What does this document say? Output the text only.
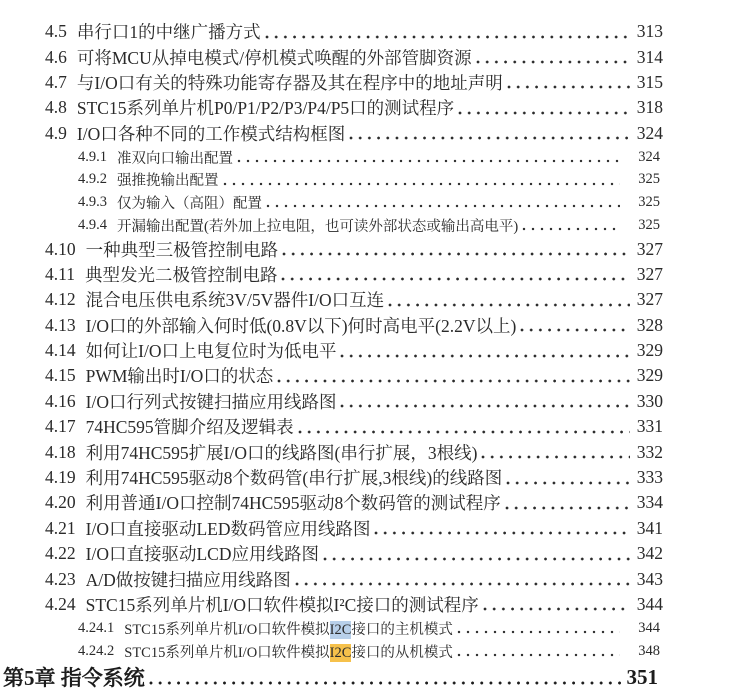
4.5 串行口1的中继广播方式	313
4.6 可将MCU从掉电模式/停机模式唤醒的外部管脚资源	314
4.7 与I/O口有关的特殊功能寄存器及其在程序中的地址声明	315
4.8 STC15系列单片机P0/P1/P2/P3/P4/P5口的测试程序	318
4.9 I/O口各种不同的工作模式结构框图	324
4.9.1 准双向口输出配置	324
4.9.2 强推挽输出配置	325
4.9.3 仅为输入（高阻）配置	325
4.9.4 开漏输出配置(若外加上拉电阻，也可读外部状态或输出高电平)	325
4.10 一种典型三极管控制电路	327
4.11 典型发光二极管控制电路	327
4.12 混合电压供电系统3V/5V器件I/O口互连	327
4.13 I/O口的外部输入何时低(0.8V以下)何时高电平(2.2V以上)	328
4.14 如何让I/O口上电复位时为低电平	329
4.15 PWM输出时I/O口的状态	329
4.16 I/O口行列式按键扫描应用线路图	330
4.17 74HC595管脚介绍及逻辑表	331
4.18 利用74HC595扩展I/O口的线路图(串行扩展，3根线)	332
4.19 利用74HC595驱动8个数码管(串行扩展,3根线)的线路图	333
4.20 利用普通I/O口控制74HC595驱动8个数码管的测试程序	334
4.21 I/O口直接驱动LED数码管应用线路图	341
4.22 I/O口直接驱动LCD应用线路图	342
4.23 A/D做按键扫描应用线路图	343
4.24 STC15系列单片机I/O口软件模拟I²C接口的测试程序	344
4.24.1 STC15系列单片机I/O口软件模拟I2C接口的主机模式	344
4.24.2 STC15系列单片机I/O口软件模拟I2C接口的从机模式	348
第5章 指令系统	351
